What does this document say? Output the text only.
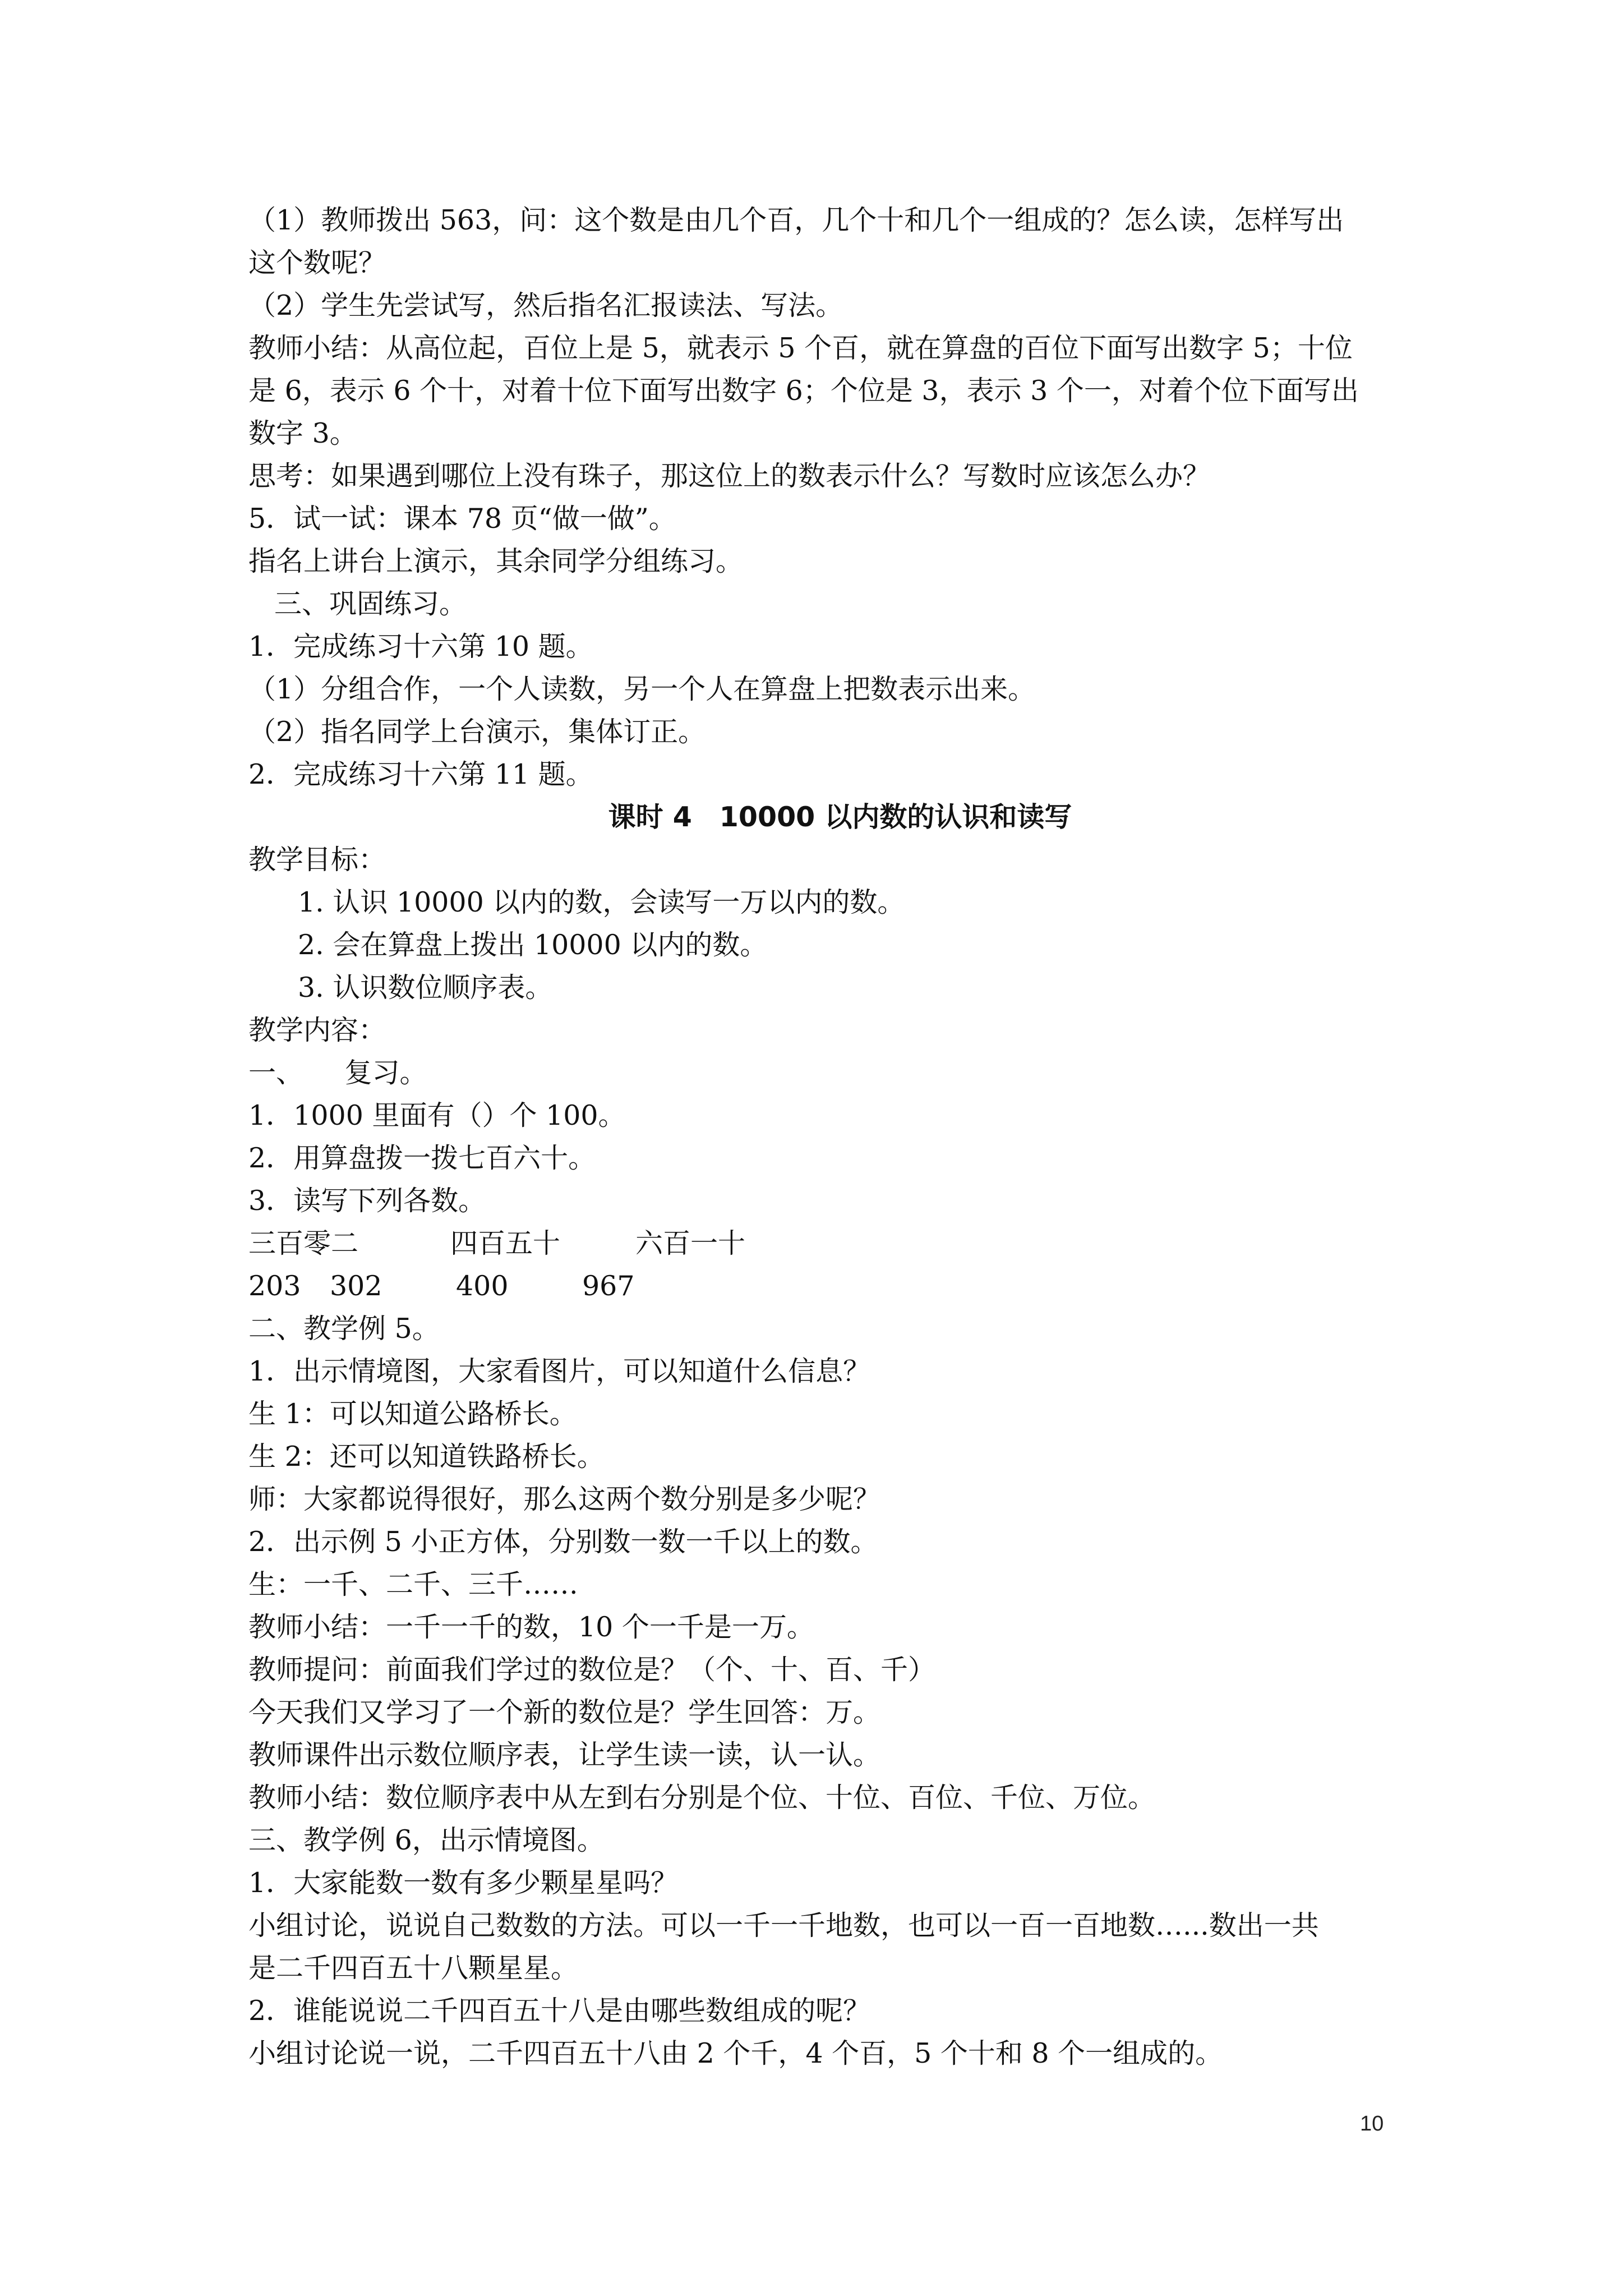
（1）教师拨出 563，问：这个数是由几个百，几个十和几个一组成的？怎么读，怎样写出
这个数呢？
（2）学生先尝试写，然后指名汇报读法、写法。
教师小结：从高位起，百位上是 5，就表示 5 个百，就在算盘的百位下面写出数字 5；十位
是 6，表示 6 个十，对着十位下面写出数字 6；个位是 3，表示 3 个一，对着个位下面写出
数字 3。
思考：如果遇到哪位上没有珠子，那这位上的数表示什么？写数时应该怎么办？
5．试一试：课本 78 页“做一做”。
指名上讲台上演示，其余同学分组练习。
三、巩固练习。
1．完成练习十六第 10 题。
（1）分组合作，一个人读数，另一个人在算盘上把数表示出来。
（2）指名同学上台演示，集体订正。
2．完成练习十六第 11 题。
课时 4　10000 以内数的认识和读写
教学目标：
1. 认识 10000 以内的数，会读写一万以内的数。
2. 会在算盘上拨出 10000 以内的数。
3. 认识数位顺序表。
教学内容：
一、　　复习。
1．1000 里面有（）个 100。
2．用算盘拨一拨七百六十。
3．读写下列各数。
三百零二	四百五十	六百一十
203	302	400	967
二、教学例 5。
1．出示情境图，大家看图片，可以知道什么信息？
生 1：可以知道公路桥长。
生 2：还可以知道铁路桥长。
师：大家都说得很好，那么这两个数分别是多少呢？
2．出示例 5 小正方体，分别数一数一千以上的数。
生：一千、二千、三千……
教师小结：一千一千的数，10 个一千是一万。
教师提问：前面我们学过的数位是？（个、十、百、千）
今天我们又学习了一个新的数位是？学生回答：万。
教师课件出示数位顺序表，让学生读一读，认一认。
教师小结：数位顺序表中从左到右分别是个位、十位、百位、千位、万位。
三、教学例 6，出示情境图。
1．大家能数一数有多少颗星星吗？
小组讨论，说说自己数数的方法。可以一千一千地数，也可以一百一百地数…...数出一共
是二千四百五十八颗星星。
2．谁能说说二千四百五十八是由哪些数组成的呢？
小组讨论说一说，二千四百五十八由 2 个千，4 个百，5 个十和 8 个一组成的。
10
